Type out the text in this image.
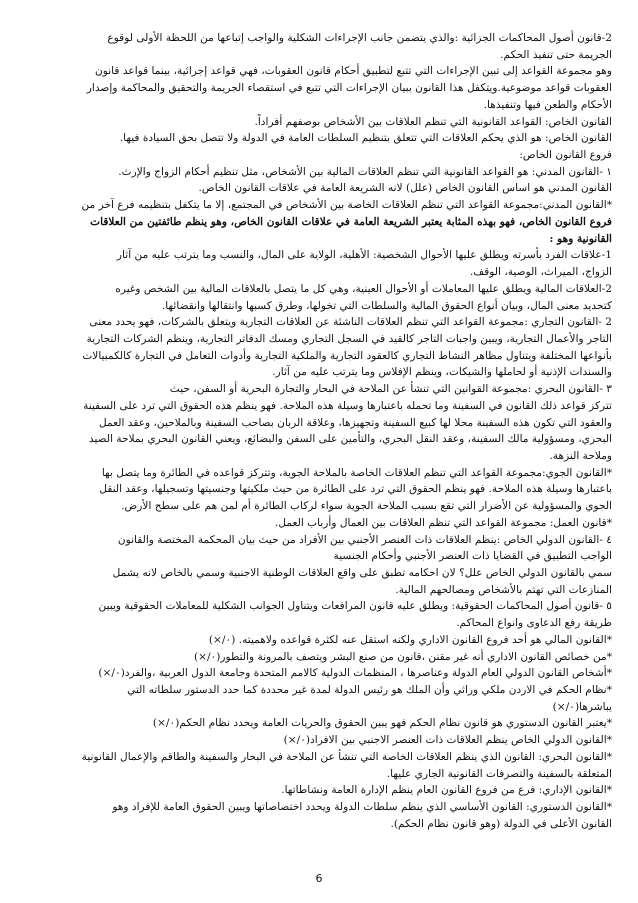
2-قانون أصول المحاكمات الجزائية :والذي يتضمن جانب الإجراءات الشكلية والواجب إتباعها من اللحظة الأولى لوقوع
الجريمة حتى تنفيذ الحكم.
وهو مجموعة القواعد إلى تبين الإجراءات التي تتبع لتطبيق أحكام قانون العقوبات، فهي قواعد إجرائية، بينما قواعد قانون
العقوبات قواعد موضوعية.ويتكفل هذا القانون ببيان الإجراءات التي تتبع في استقصاء الجريمة والتحقيق والمحاكمة وإصدار
الأحكام والطعن فيها وتنفيذها.
القانون الخاص: القواعد القانونية التي تنظم العلاقات بين الأشخاص بوصفهم أفراداً.
القانون الخاص: هو الذي يحكم العلاقات التي تتعلق بتنظيم السلطات العامة في الدولة ولا تتصل بحق السيادة فيها.
فروع القانون الخاص:
١ -القانون المدني: هو القواعد القانونية التي تنظم العلاقات المالية بين الأشخاص، مثل تنظيم أحكام الزواج والإرث.
القانون المدني هو اساس القانون الخاص (علل) لانه الشريعة العامة في علاقات القانون الخاص.
*القانون المدني:مجموعة القواعد التي تنظم العلاقات الخاصة بين الأشخاص في المجتمع، إلا ما يتكفل بتنظيمه فرع آخر من
فروع القانون الخاص، فهو بهذه المثابة يعتبر الشريعة العامة في علاقات القانون الخاص، وهو ينظم طائفتين من العلاقات
القانونية وهو :
1-علاقات الفرد بأسرته ويطلق عليها الأحوال الشخصية: الأهلية، الولاية على المال، والنسب وما يترتب عليه من آثار
الزواج، الميراث، الوصية، الوقف.
2-العلاقات المالية ويطلق عليها المعاملات أو الأحوال العينية، وهي كل ما يتصل بالعلاقات المالية بين الشخص وغيره
كتحديد معنى المال، وبيان أنواع الحقوق المالية والسلطات التي تخولها، وطرق كسبها وانتقالها وانقضائها.
2 -القانون التجاري :مجموعة القواعد التي تنظم العلاقات الناشئة عن العلاقات التجارية ويتعلق بالشركات، فهو يحدد معنى
التاجر والأعمال التجارية، ويبين واجبات التاجر كالقيد في السجل التجاري ومسك الدفاتر التجارية، وينظم الشركات التجارية
بأنواعها المختلفة ويتناول مظاهر النشاط التجاري كالعقود التجارية والملكية التجارية وأدوات التعامل في التجارة كالكمبيالات
والسندات الإذنية أو لحاملها والشيكات، وينظم الإفلاس وما يترتب عليه من آثار.
٣ -القانون البحري :مجموعة القوانين التي تنشأ عن الملاحة في البحار والتجارة البحرية أو السفن، حيث
تتركز قواعد ذلك القانون في السفينة وما تحمله باعتبارها وسيلة هذه الملاحة. فهو ينظم هذه الحقوق التي ترد على السفينة
والعقود التي تكون هذه السفينة محلا لها كبيع السفينة وتجهيزها، وعلاقة الربان بصاحب السفينة وبالملاحين، وعقد العمل
البحري، ومسؤولية مالك السفينة، وعقد النقل البحري، والتأمين على السفن والبضائع، ويعني القانون البحري بملاحة الصيد
وملاحة النزهة.
*القانون الجوي:مجموعة القواعد التي تنظم العلاقات الخاصة بالملاحة الجوية، وتتركز قواعده في الطائرة وما يتصل بها
باعتبارها وسيلة هذه الملاحة. فهو ينظم الحقوق التي ترد على الطائرة من حيث ملكيتها وجنسيتها وتسجيلها، وعقد النقل
الجوي والمسؤولية عن الأضرار التي تقع بسبب الملاحة الجوية سواء لركاب الطائرة أم لمن هم على سطح الأرض.
*قانون العمل: مجموعة القواعد التي تنظم العلاقات بين العمال وأرباب العمل.
٤ -القانون الدولي الخاص :ينظم العلاقات ذات العنصر الأجنبي بين الأفراد من حيث بيان المحكمة المختصة والقانون
الواجب التطبيق في القضايا ذات العنصر الأجنبي وأحكام الجنسية
سمي بالقانون الدولي الخاص علل؟ لان احكامه تطبق على واقع العلاقات الوطنية الاجنبية وسمي بالخاص لانه يشمل
المنازعات التي تهتم بالأشخاص ومصالحهم المالية.
٥ -قانون أصول المحاكمات الحقوقية: ويطلق عليه قانون المرافعات ويتناول الجوانب الشكلية للمعاملات الحقوقية ويبين
طريقة رفع الدعاوى وانواع المحاكم.
*القانون المالي هو أحد فروع القانون الاداري ولكنه استقل عنه لكثرة قواعده ولاهميته. (٠/×)
*من خصائص القانون الاداري أنه غير مقنن ،قانون من صنع البشر ويتصف بالمرونة والتطور(٠/×)
*أشخاص القانون الدولي العام الدولة وعناصرها ، المنظمات الدولية كالامم المتحدة وجامعة الدول العربية ،والفرد(٠/×)
*نظام الحكم في الاردن ملكي وراثي وأن الملك هو رئيس الدولة لمدة غير محددة كما حدد الدستور سلطاته التي
يباشرها(٠/×)
*يعتبر القانون الدستوري هو قانون نظام الحكم فهو يبين الحقوق والحريات العامة ويحدد نظام الحكم(٠/×)
*القانون الدولي الخاص ينظم العلاقات ذات العنصر الاجنبي بين الافراد(٠/×)
*القانون البحري: القانون الذي ينظم العلاقات الخاصة التي تنشأ عن الملاحة في البحار والسفينة والطاقم والإعمال القانونية
المتعلقة بالسفينة والتصرفات القانونية الجاري عليها.
*القانون الإداري: فرع من فروع القانون العام ينظم الإدارة العامة ونشاطاتها.
*القانون الدستوري: القانون الأساسي الذي ينظم سلطات الدولة ويحدد اختصاصاتها ويبين الحقوق العامة للإفراد وهو
القانون الأعلى في الدولة (وهو قانون نظام الحكم).
6
